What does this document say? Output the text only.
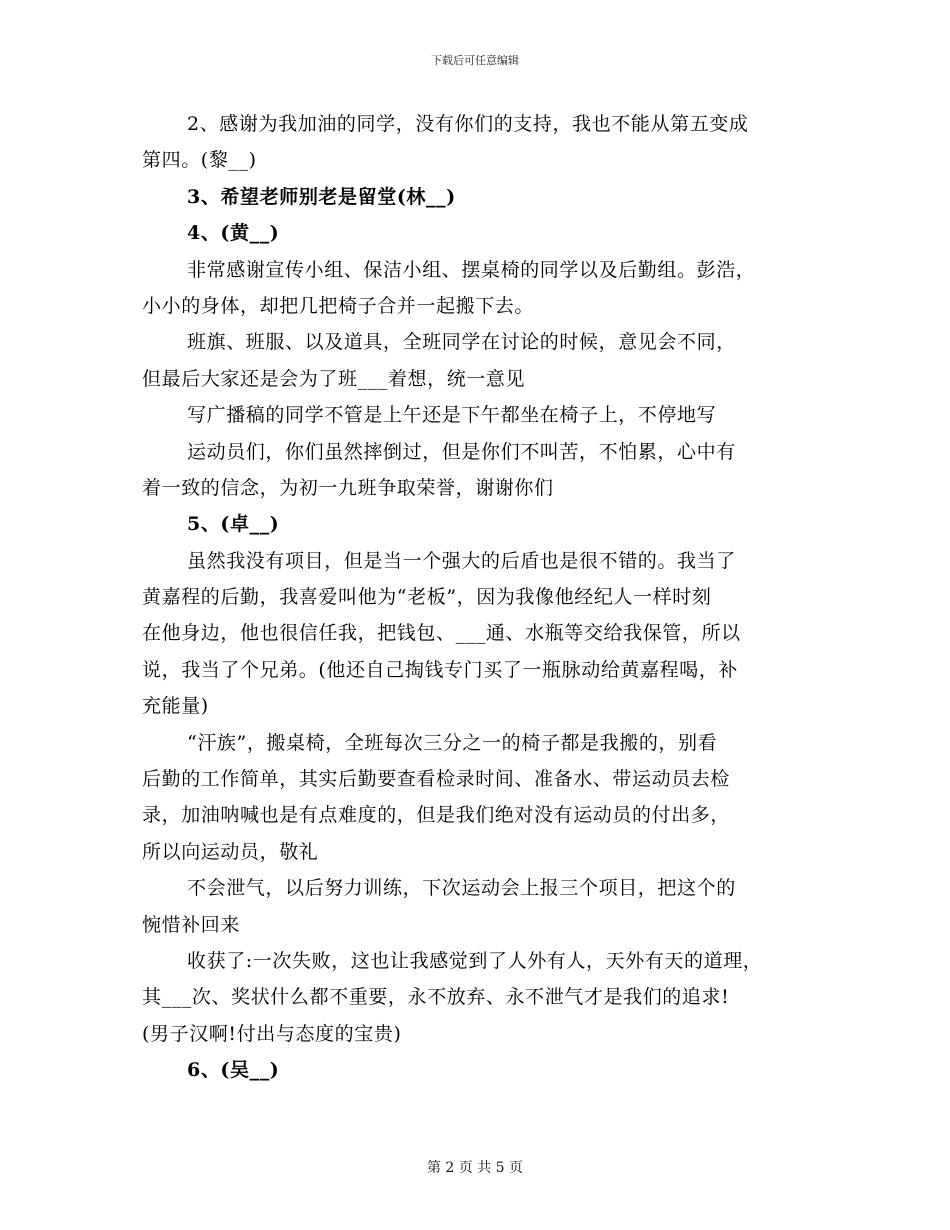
下载后可任意编辑
2、感谢为我加油的同学，没有你们的支持，我也不能从第五变成
第四。(黎__)
3、希望老师别老是留堂(林__)
4、(黄__)
非常感谢宣传小组、保洁小组、摆桌椅的同学以及后勤组。彭浩，
小小的身体，却把几把椅子合并一起搬下去。
班旗、班服、以及道具，全班同学在讨论的时候，意见会不同，
但最后大家还是会为了班___着想，统一意见
写广播稿的同学不管是上午还是下午都坐在椅子上，不停地写
运动员们，你们虽然摔倒过，但是你们不叫苦，不怕累，心中有
着一致的信念，为初一九班争取荣誉，谢谢你们
5、(卓__)
虽然我没有项目，但是当一个强大的后盾也是很不错的。我当了
黄嘉程的后勤，我喜爱叫他为“老板”，因为我像他经纪人一样时刻
在他身边，他也很信任我，把钱包、___通、水瓶等交给我保管，所以
说，我当了个兄弟。(他还自己掏钱专门买了一瓶脉动给黄嘉程喝，补
充能量)
“汗族”，搬桌椅，全班每次三分之一的椅子都是我搬的，别看
后勤的工作简单，其实后勤要查看检录时间、准备水、带运动员去检
录，加油呐喊也是有点难度的，但是我们绝对没有运动员的付出多，
所以向运动员，敬礼
不会泄气，以后努力训练，下次运动会上报三个项目，把这个的
惋惜补回来
收获了:一次失败，这也让我感觉到了人外有人，天外有天的道理，
其___次、奖状什么都不重要，永不放弃、永不泄气才是我们的追求!
(男子汉啊!付出与态度的宝贵)
6、(吴__)
第 2 页 共 5 页
